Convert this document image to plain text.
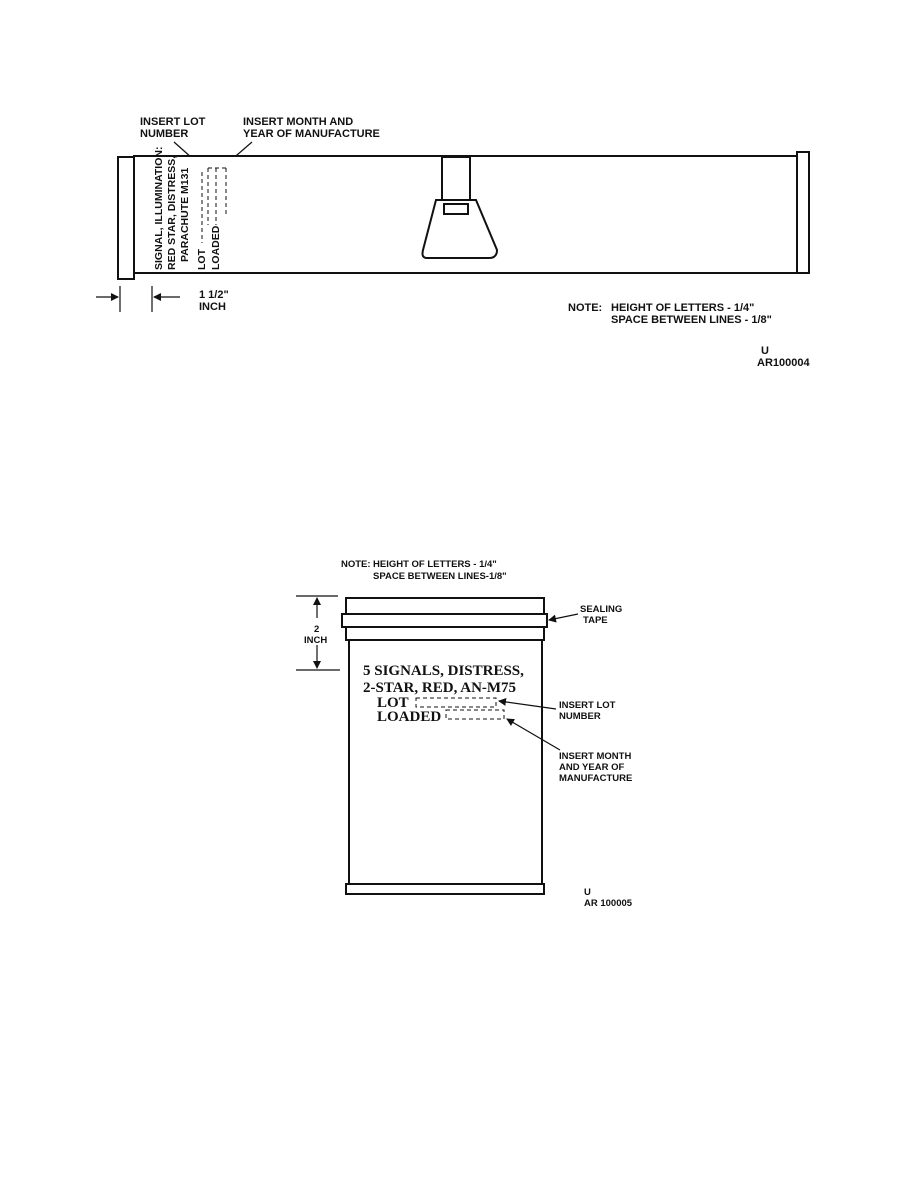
INSERT LOT
NUMBER
INSERT MONTH AND
YEAR OF MANUFACTURE
SIGNAL, ILLUMINATION: RED STAR, DISTRESS, PARACHUTE M131 LOT LOADED
1 1/2"
INCH	NOTE: HEIGHT OF LETTERS - 1/4"
SPACE BETWEEN LINES - 1/8"
U
AR100004
NOTE: HEIGHT OF LETTERS - 1/4"
SPACE BETWEEN LINES-1/8"
2
INCH
SEALING
TAPE
5 SIGNALS, DISTRESS,
2-STAR, RED, AN-M75
LOT
LOADED
INSERT LOT
NUMBER
INSERT MONTH
AND YEAR OF
MANUFACTURE
U
AR 100005
